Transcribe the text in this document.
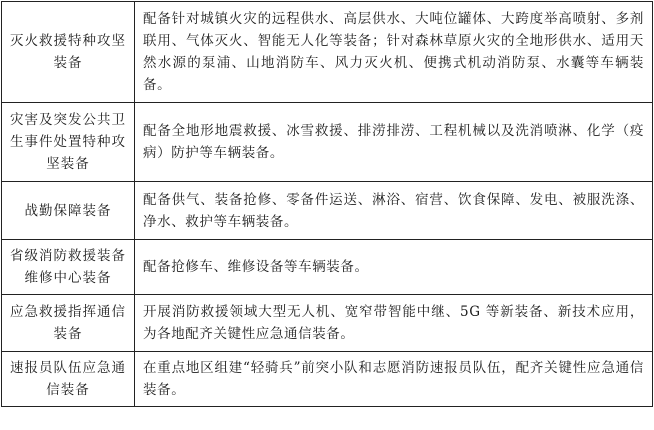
灭火救援特种攻坚装备	配备针对城镇火灾的远程供水、高层供水、大吨位罐体、大跨度举高喷射、多剂联用、气体灭火、智能无人化等装备；针对森林草原火灾的全地形供水、适用天然水源的泵浦、山地消防车、风力灭火机、便携式机动消防泵、水囊等车辆装备。
灾害及突发公共卫生事件处置特种攻坚装备	配备全地形地震救援、冰雪救援、排涝排涝、工程机械以及洗消喷淋、化学（疫病）防护等车辆装备。
战勤保障装备	配备供气、装备抢修、零备件运送、淋浴、宿营、饮食保障、发电、被服洗涤、净水、救护等车辆装备。
省级消防救援装备维修中心装备	配备抢修车、维修设备等车辆装备。
应急救援指挥通信装备	开展消防救援领域大型无人机、宽窄带智能中继、5G 等新装备、新技术应用，为各地配齐关键性应急通信装备。
速报员队伍应急通信装备	在重点地区组建“轻骑兵”前突小队和志愿消防速报员队伍，配齐关键性应急通信装备。
